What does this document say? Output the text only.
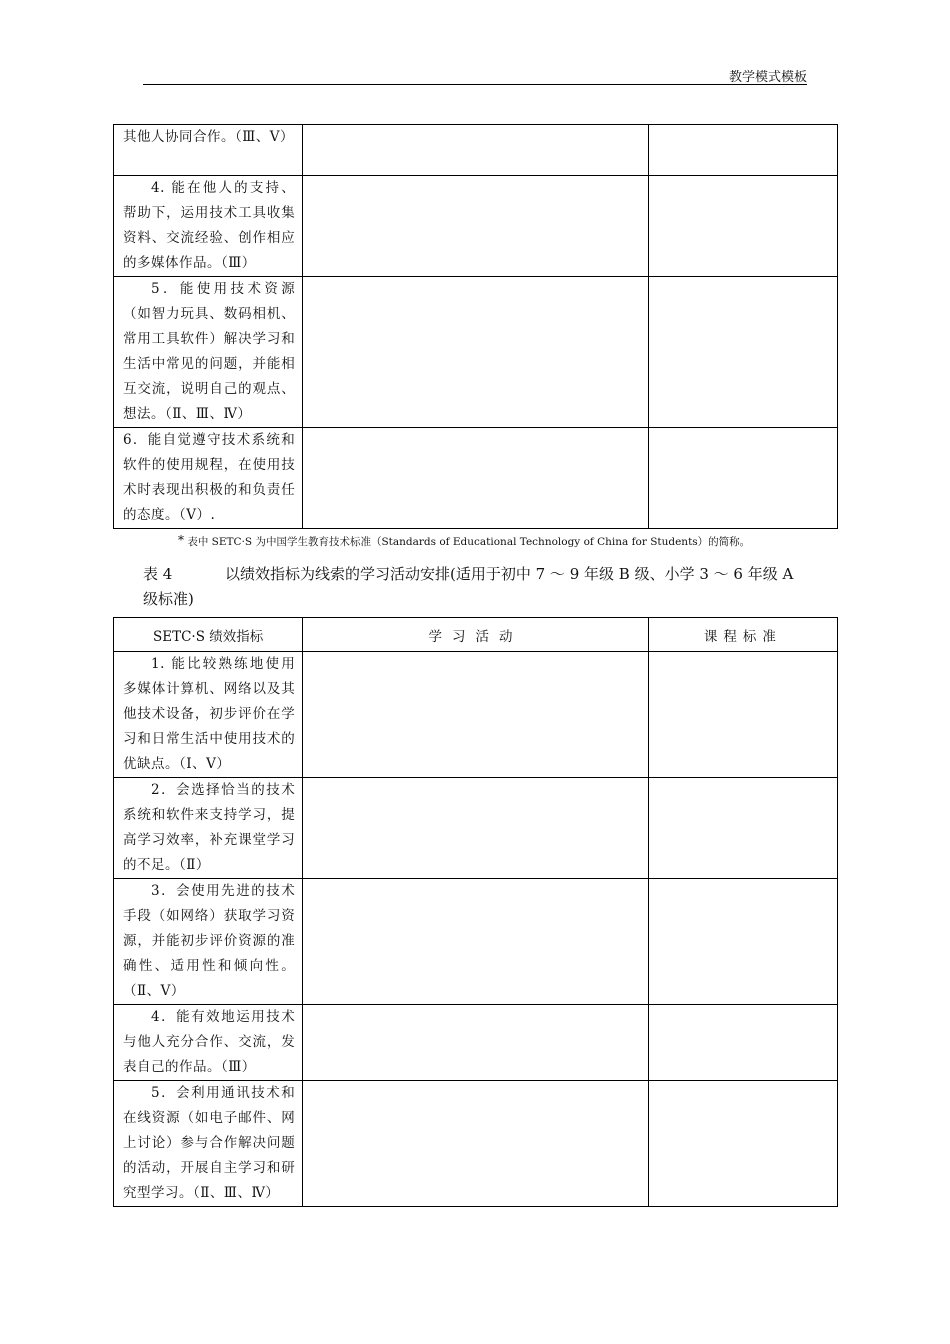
教学模式模板
其他人协同合作。（Ⅲ、Ⅴ）		

4. 能在他人的支持、帮助下，运用技术工具收集资料、交流经验、创作相应的多媒体作品。（Ⅲ）		

5．能使用技术资源（如智力玩具、数码相机、常用工具软件）解决学习和生活中常见的问题，并能相互交流，说明自己的观点、想法。（Ⅱ、Ⅲ、Ⅳ）		

6．能自觉遵守技术系统和软件的使用规程，在使用技术时表现出积极的和负责任的态度。（Ⅴ）.		

* 表中 SETC·S 为中国学生教育技术标准（Standards of Educational Technology of China for Students）的简称。
表 4	以绩效指标为线索的学习活动安排(适用于初中 7 ～ 9 年级 B 级、小学 3 ～ 6 年级 A 级标准)
SETC·S 绩效指标	学习活动	课程标准

1. 能比较熟练地使用多媒体计算机、网络以及其他技术设备，初步评价在学习和日常生活中使用技术的优缺点。（Ⅰ、Ⅴ）		

2．会选择恰当的技术系统和软件来支持学习，提高学习效率，补充课堂学习的不足。（Ⅱ）		

3．会使用先进的技术手段（如网络）获取学习资源，并能初步评价资源的准确性、适用性和倾向性。（Ⅱ、Ⅴ）		

4．能有效地运用技术与他人充分合作、交流，发表自己的作品。（Ⅲ）		

5．会利用通讯技术和在线资源（如电子邮件、网上讨论）参与合作解决问题的活动，开展自主学习和研究型学习。（Ⅱ、Ⅲ、Ⅳ）		
